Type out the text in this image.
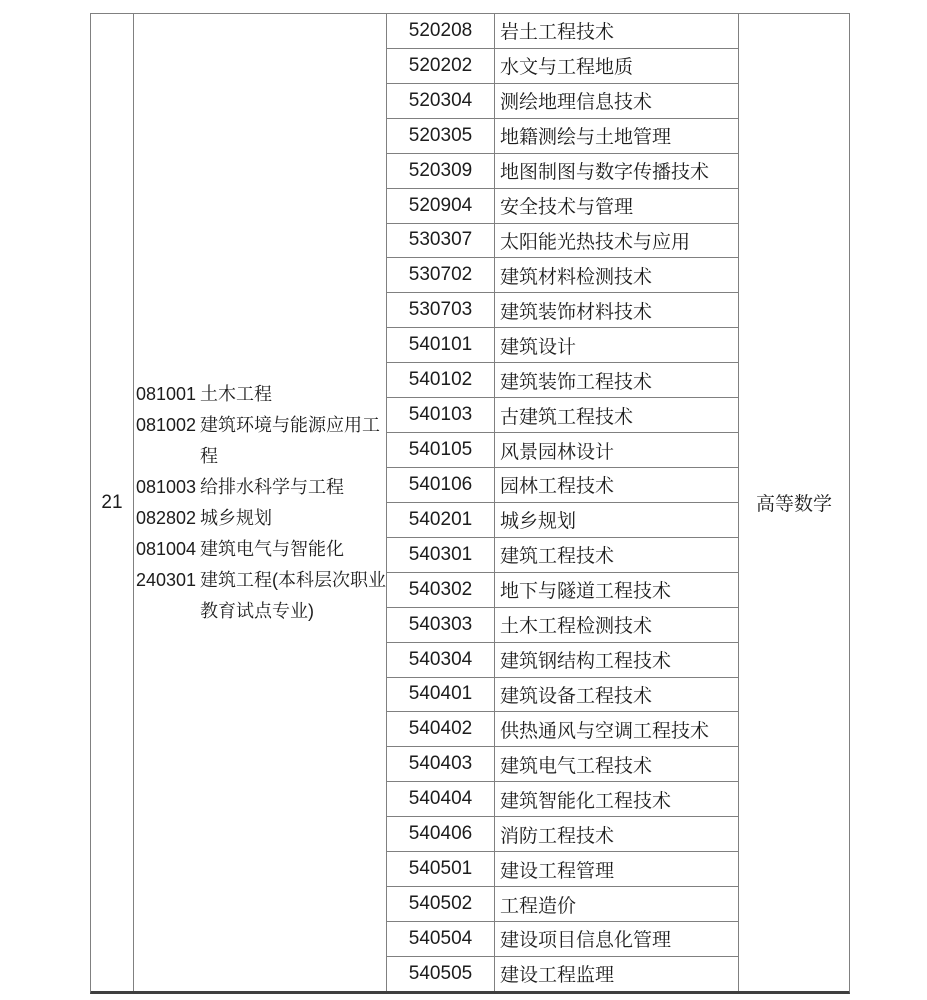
21
081001 土木工程
081002 建筑环境与能源应用工程
081003 给排水科学与工程
082802 城乡规划
081004 建筑电气与智能化
240301 建筑工程(本科层次职业教育试点专业)
520208	岩土工程技术
520202	水文与工程地质
520304	测绘地理信息技术
520305	地籍测绘与土地管理
520309	地图制图与数字传播技术
520904	安全技术与管理
530307	太阳能光热技术与应用
530702	建筑材料检测技术
530703	建筑装饰材料技术
540101	建筑设计
540102	建筑装饰工程技术
540103	古建筑工程技术
540105	风景园林设计
540106	园林工程技术
540201	城乡规划
540301	建筑工程技术
540302	地下与隧道工程技术
540303	土木工程检测技术
540304	建筑钢结构工程技术
540401	建筑设备工程技术
540402	供热通风与空调工程技术
540403	建筑电气工程技术
540404	建筑智能化工程技术
540406	消防工程技术
540501	建设工程管理
540502	工程造价
540504	建设项目信息化管理
540505	建设工程监理
高等数学
